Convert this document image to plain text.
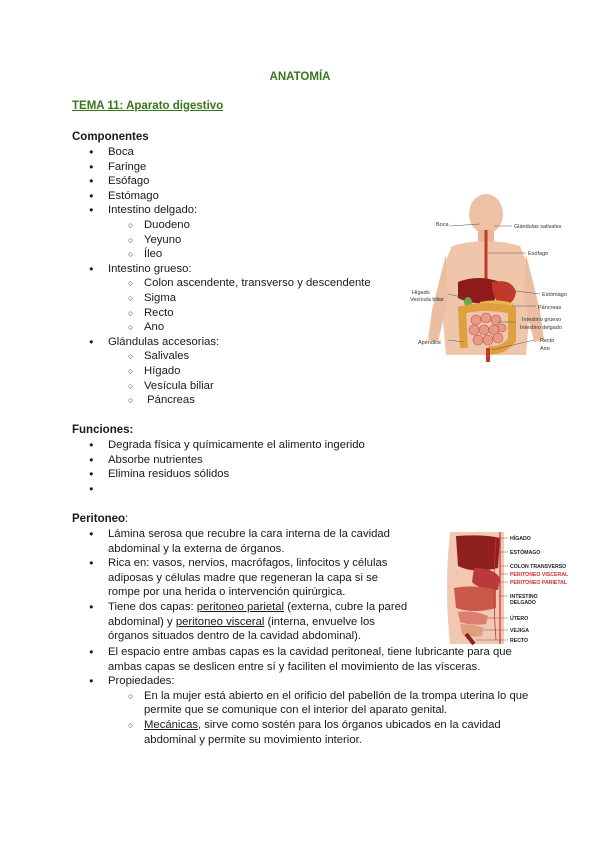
ANATOMÍA
TEMA 11: Aparato digestivo
Componentes
● Boca
● Faringe
● Esófago
● Estómago
● Intestino delgado:
○ Duodeno
○ Yeyuno
○ Íleo
● Intestino grueso:
○ Colon ascendente, transverso y descendente
○ Sigma
○ Recto
○ Ano
● Glándulas accesorias:
○ Salivales
○ Hígado
○ Vesícula biliar
○  Páncreas
Boca	Glándulas salivales
Esófago
Hígado
Vesícula biliar
Estómago
Páncreas
Intestino grueso
Intestino delgado
Apéndice	Recto
Ano
Funciones:
● Degrada física y químicamente el alimento ingerido
● Absorbe nutrientes
● Elimina residuos sólidos
●
Peritoneo:
● Lámina serosa que recubre la cara interna de la cavidad abdominal y la externa de órganos.
● Rica en: vasos, nervios, macrófagos, linfocitos y células adiposas y células madre que regeneran la capa si se rompe por una herida o intervención quirúrgica.
● Tiene dos capas: peritoneo parietal (externa, cubre la pared abdominal) y peritoneo visceral (interna, envuelve los órganos situados dentro de la cavidad abdominal).
● El espacio entre ambas capas es la cavidad peritoneal, tiene lubricante para que ambas capas se deslicen entre sí y faciliten el movimiento de las vísceras.
● Propiedades:
○ En la mujer está abierto en el orificio del pabellón de la trompa uterina lo que permite que se comunique con el interior del aparato genital.
○ Mecánicas, sirve como sostén para los órganos ubicados en la cavidad abdominal y permite su movimiento interior.
HÍGADO
ESTÓMAGO
COLON TRANSVERSO
PERITONEO VISCERAL
PERITONEO PARIETAL
INTESTINO
DELGADO
ÚTERO
VEJIGA
RECTO
